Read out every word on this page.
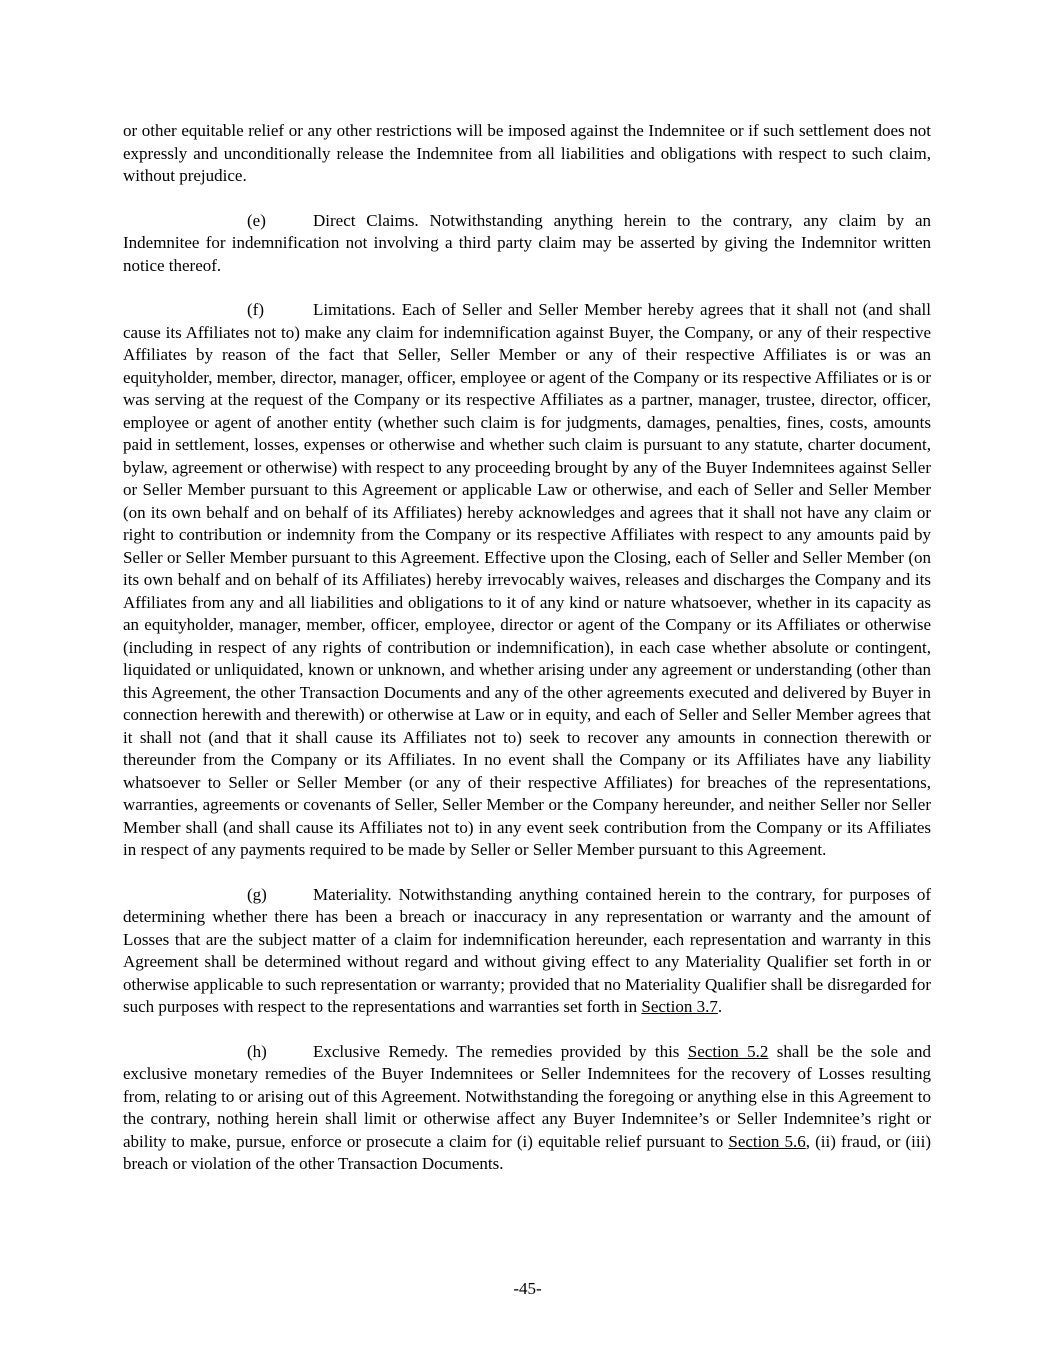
or other equitable relief or any other restrictions will be imposed against the Indemnitee or if such settlement does not expressly and unconditionally release the Indemnitee from all liabilities and obligations with respect to such claim, without prejudice.

(e)	Direct Claims. Notwithstanding anything herein to the contrary, any claim by an Indemnitee for indemnification not involving a third party claim may be asserted by giving the Indemnitor written notice thereof.

(f)	Limitations. Each of Seller and Seller Member hereby agrees that it shall not (and shall cause its Affiliates not to) make any claim for indemnification against Buyer, the Company, or any of their respective Affiliates by reason of the fact that Seller, Seller Member or any of their respective Affiliates is or was an equityholder, member, director, manager, officer, employee or agent of the Company or its respective Affiliates or is or was serving at the request of the Company or its respective Affiliates as a partner, manager, trustee, director, officer, employee or agent of another entity (whether such claim is for judgments, damages, penalties, fines, costs, amounts paid in settlement, losses, expenses or otherwise and whether such claim is pursuant to any statute, charter document, bylaw, agreement or otherwise) with respect to any proceeding brought by any of the Buyer Indemnitees against Seller or Seller Member pursuant to this Agreement or applicable Law or otherwise, and each of Seller and Seller Member (on its own behalf and on behalf of its Affiliates) hereby acknowledges and agrees that it shall not have any claim or right to contribution or indemnity from the Company or its respective Affiliates with respect to any amounts paid by Seller or Seller Member pursuant to this Agreement. Effective upon the Closing, each of Seller and Seller Member (on its own behalf and on behalf of its Affiliates) hereby irrevocably waives, releases and discharges the Company and its Affiliates from any and all liabilities and obligations to it of any kind or nature whatsoever, whether in its capacity as an equityholder, manager, member, officer, employee, director or agent of the Company or its Affiliates or otherwise (including in respect of any rights of contribution or indemnification), in each case whether absolute or contingent, liquidated or unliquidated, known or unknown, and whether arising under any agreement or understanding (other than this Agreement, the other Transaction Documents and any of the other agreements executed and delivered by Buyer in connection herewith and therewith) or otherwise at Law or in equity, and each of Seller and Seller Member agrees that it shall not (and that it shall cause its Affiliates not to) seek to recover any amounts in connection therewith or thereunder from the Company or its Affiliates. In no event shall the Company or its Affiliates have any liability whatsoever to Seller or Seller Member (or any of their respective Affiliates) for breaches of the representations, warranties, agreements or covenants of Seller, Seller Member or the Company hereunder, and neither Seller nor Seller Member shall (and shall cause its Affiliates not to) in any event seek contribution from the Company or its Affiliates in respect of any payments required to be made by Seller or Seller Member pursuant to this Agreement.

(g)	Materiality. Notwithstanding anything contained herein to the contrary, for purposes of determining whether there has been a breach or inaccuracy in any representation or warranty and the amount of Losses that are the subject matter of a claim for indemnification hereunder, each representation and warranty in this Agreement shall be determined without regard and without giving effect to any Materiality Qualifier set forth in or otherwise applicable to such representation or warranty; provided that no Materiality Qualifier shall be disregarded for such purposes with respect to the representations and warranties set forth in Section 3.7.

(h)	Exclusive Remedy. The remedies provided by this Section 5.2 shall be the sole and exclusive monetary remedies of the Buyer Indemnitees or Seller Indemnitees for the recovery of Losses resulting from, relating to or arising out of this Agreement. Notwithstanding the foregoing or anything else in this Agreement to the contrary, nothing herein shall limit or otherwise affect any Buyer Indemnitee’s or Seller Indemnitee’s right or ability to make, pursue, enforce or prosecute a claim for (i) equitable relief pursuant to Section 5.6, (ii) fraud, or (iii) breach or violation of the other Transaction Documents.

-45-
